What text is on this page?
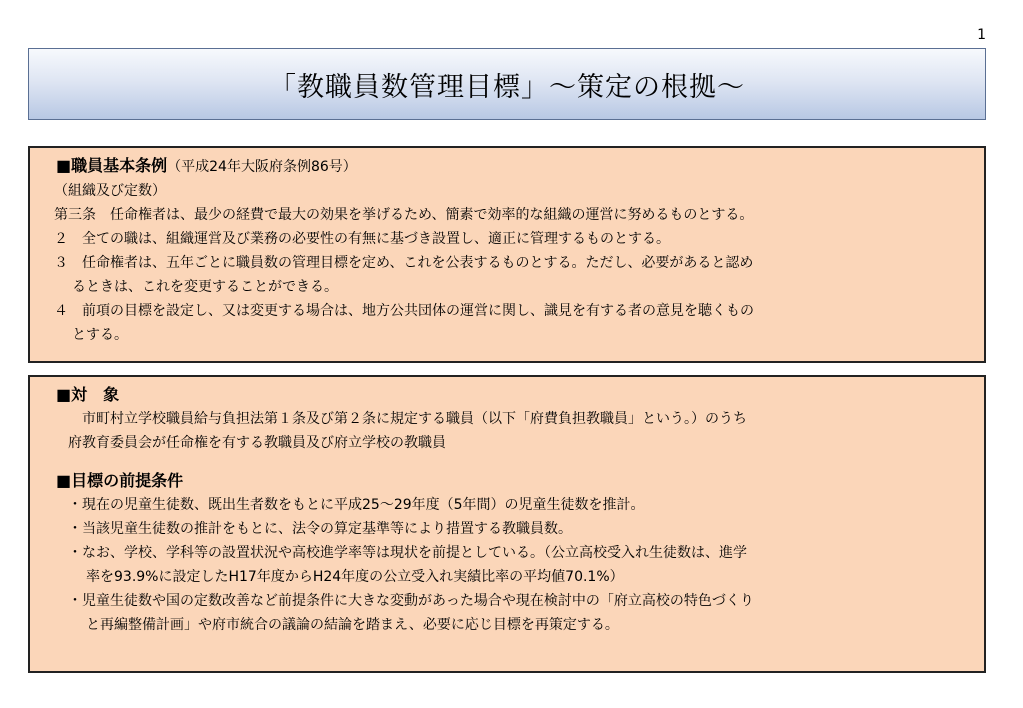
1
「教職員数管理目標」～策定の根拠～
■職員基本条例（平成24年大阪府条例86号）
（組織及び定数）
第三条　任命権者は、最少の経費で最大の効果を挙げるため、簡素で効率的な組織の運営に努めるものとする。
２　全ての職は、組織運営及び業務の必要性の有無に基づき設置し、適正に管理するものとする。
３　任命権者は、五年ごとに職員数の管理目標を定め、これを公表するものとする。ただし、必要があると認め
るときは、これを変更することができる。
４　前項の目標を設定し、又は変更する場合は、地方公共団体の運営に関し、識見を有する者の意見を聴くもの
とする。
■対　象
市町村立学校職員給与負担法第１条及び第２条に規定する職員（以下「府費負担教職員」という。）のうち
府教育委員会が任命権を有する教職員及び府立学校の教職員
■目標の前提条件
・現在の児童生徒数、既出生者数をもとに平成25～29年度（5年間）の児童生徒数を推計。
・当該児童生徒数の推計をもとに、法令の算定基準等により措置する教職員数。
・なお、学校、学科等の設置状況や高校進学率等は現状を前提としている。（公立高校受入れ生徒数は、進学
率を93.9%に設定したH17年度からH24年度の公立受入れ実績比率の平均値70.1%）
・児童生徒数や国の定数改善など前提条件に大きな変動があった場合や現在検討中の「府立高校の特色づくり
と再編整備計画」や府市統合の議論の結論を踏まえ、必要に応じ目標を再策定する。
